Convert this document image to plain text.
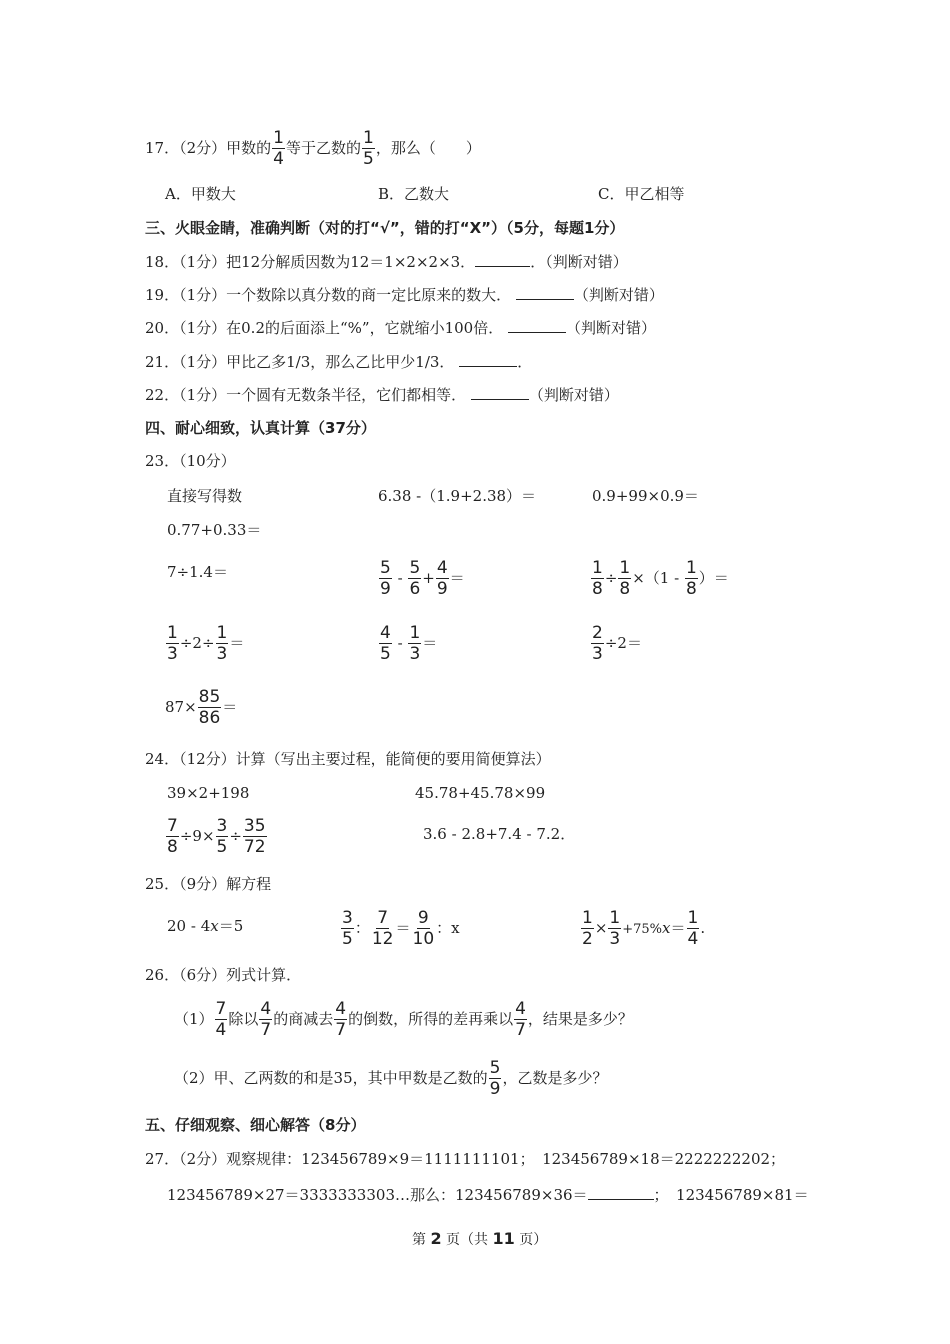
17．（2分）甲数的 $\frac{1}{4}$ 等于乙数的 $\frac{1}{5}$ ，那么（　　）
A．甲数大	B．乙数大	C．甲乙相等
三、火眼金睛，准确判断（对的打“√”，错的打“X”）（5分，每题1分）
18．（1分）把12分解质因数为12＝1×2×2×3．	．（判断对错）
19．（1分）一个数除以真分数的商一定比原来的数大．	（判断对错）
20．（1分）在0.2的后面添上“%”，它就缩小100倍．	（判断对错）
21．（1分）甲比乙多1/3，那么乙比甲少1/3．	．
22．（1分）一个圆有无数条半径，它们都相等．	（判断对错）
四、耐心细致，认真计算（37分）
23．（10分）
直接写得数	6.38 -（1.9+2.38）＝	0.9+99×0.9＝
0.77+0.33＝
7÷1.4＝	$\frac{5}{9} - \frac{5}{6} + \frac{4}{9}$ ＝	$\frac{1}{8} \div \frac{1}{8} \times(1 - \frac{1}{8}$ ）＝
$\frac{1}{3} \div 2\div \frac{1}{3}$ ＝	$\frac{4}{5} - \frac{1}{3}$ ＝	$\frac{2}{3} \div 2=$
$87\times \frac{85}{86}$ ＝
24．（12分）计算（写出主要过程，能简便的要用简便算法）
39×2+198	45.78+45.78×99
$\frac{7}{8} \div 9\times \frac{3}{5} \div \frac{35}{72}$	3.6 - 2.8+7.4 - 7.2．
25．（9分）解方程
20 - 4x＝5	$\frac{3}{5}$ ： $\frac{7}{12} = \frac{9}{10}$ ：x	$\frac{1}{2} \times \frac{1}{3} +75\%x= \frac{1}{4}$ .
26．（6分）列式计算．
$(1) \frac{7}{4}$ 除以 $\frac{4}{7}$ 的商减去 $\frac{4}{7}$ 的倒数，所得的差再乘以 $\frac{4}{7}$ ，结果是多少？
（2）甲、乙两数的和是35，其中甲数是乙数的 $\frac{5}{9}$ ，乙数是多少？
五、仔细观察、细心解答（8分）
27．（2分）观察规律：123456789×9＝1111111101；　123456789×18＝2222222202；
123456789×27＝3333333303…那么：123456789×36＝	；　123456789×81＝
第 2 页（共 11 页）
